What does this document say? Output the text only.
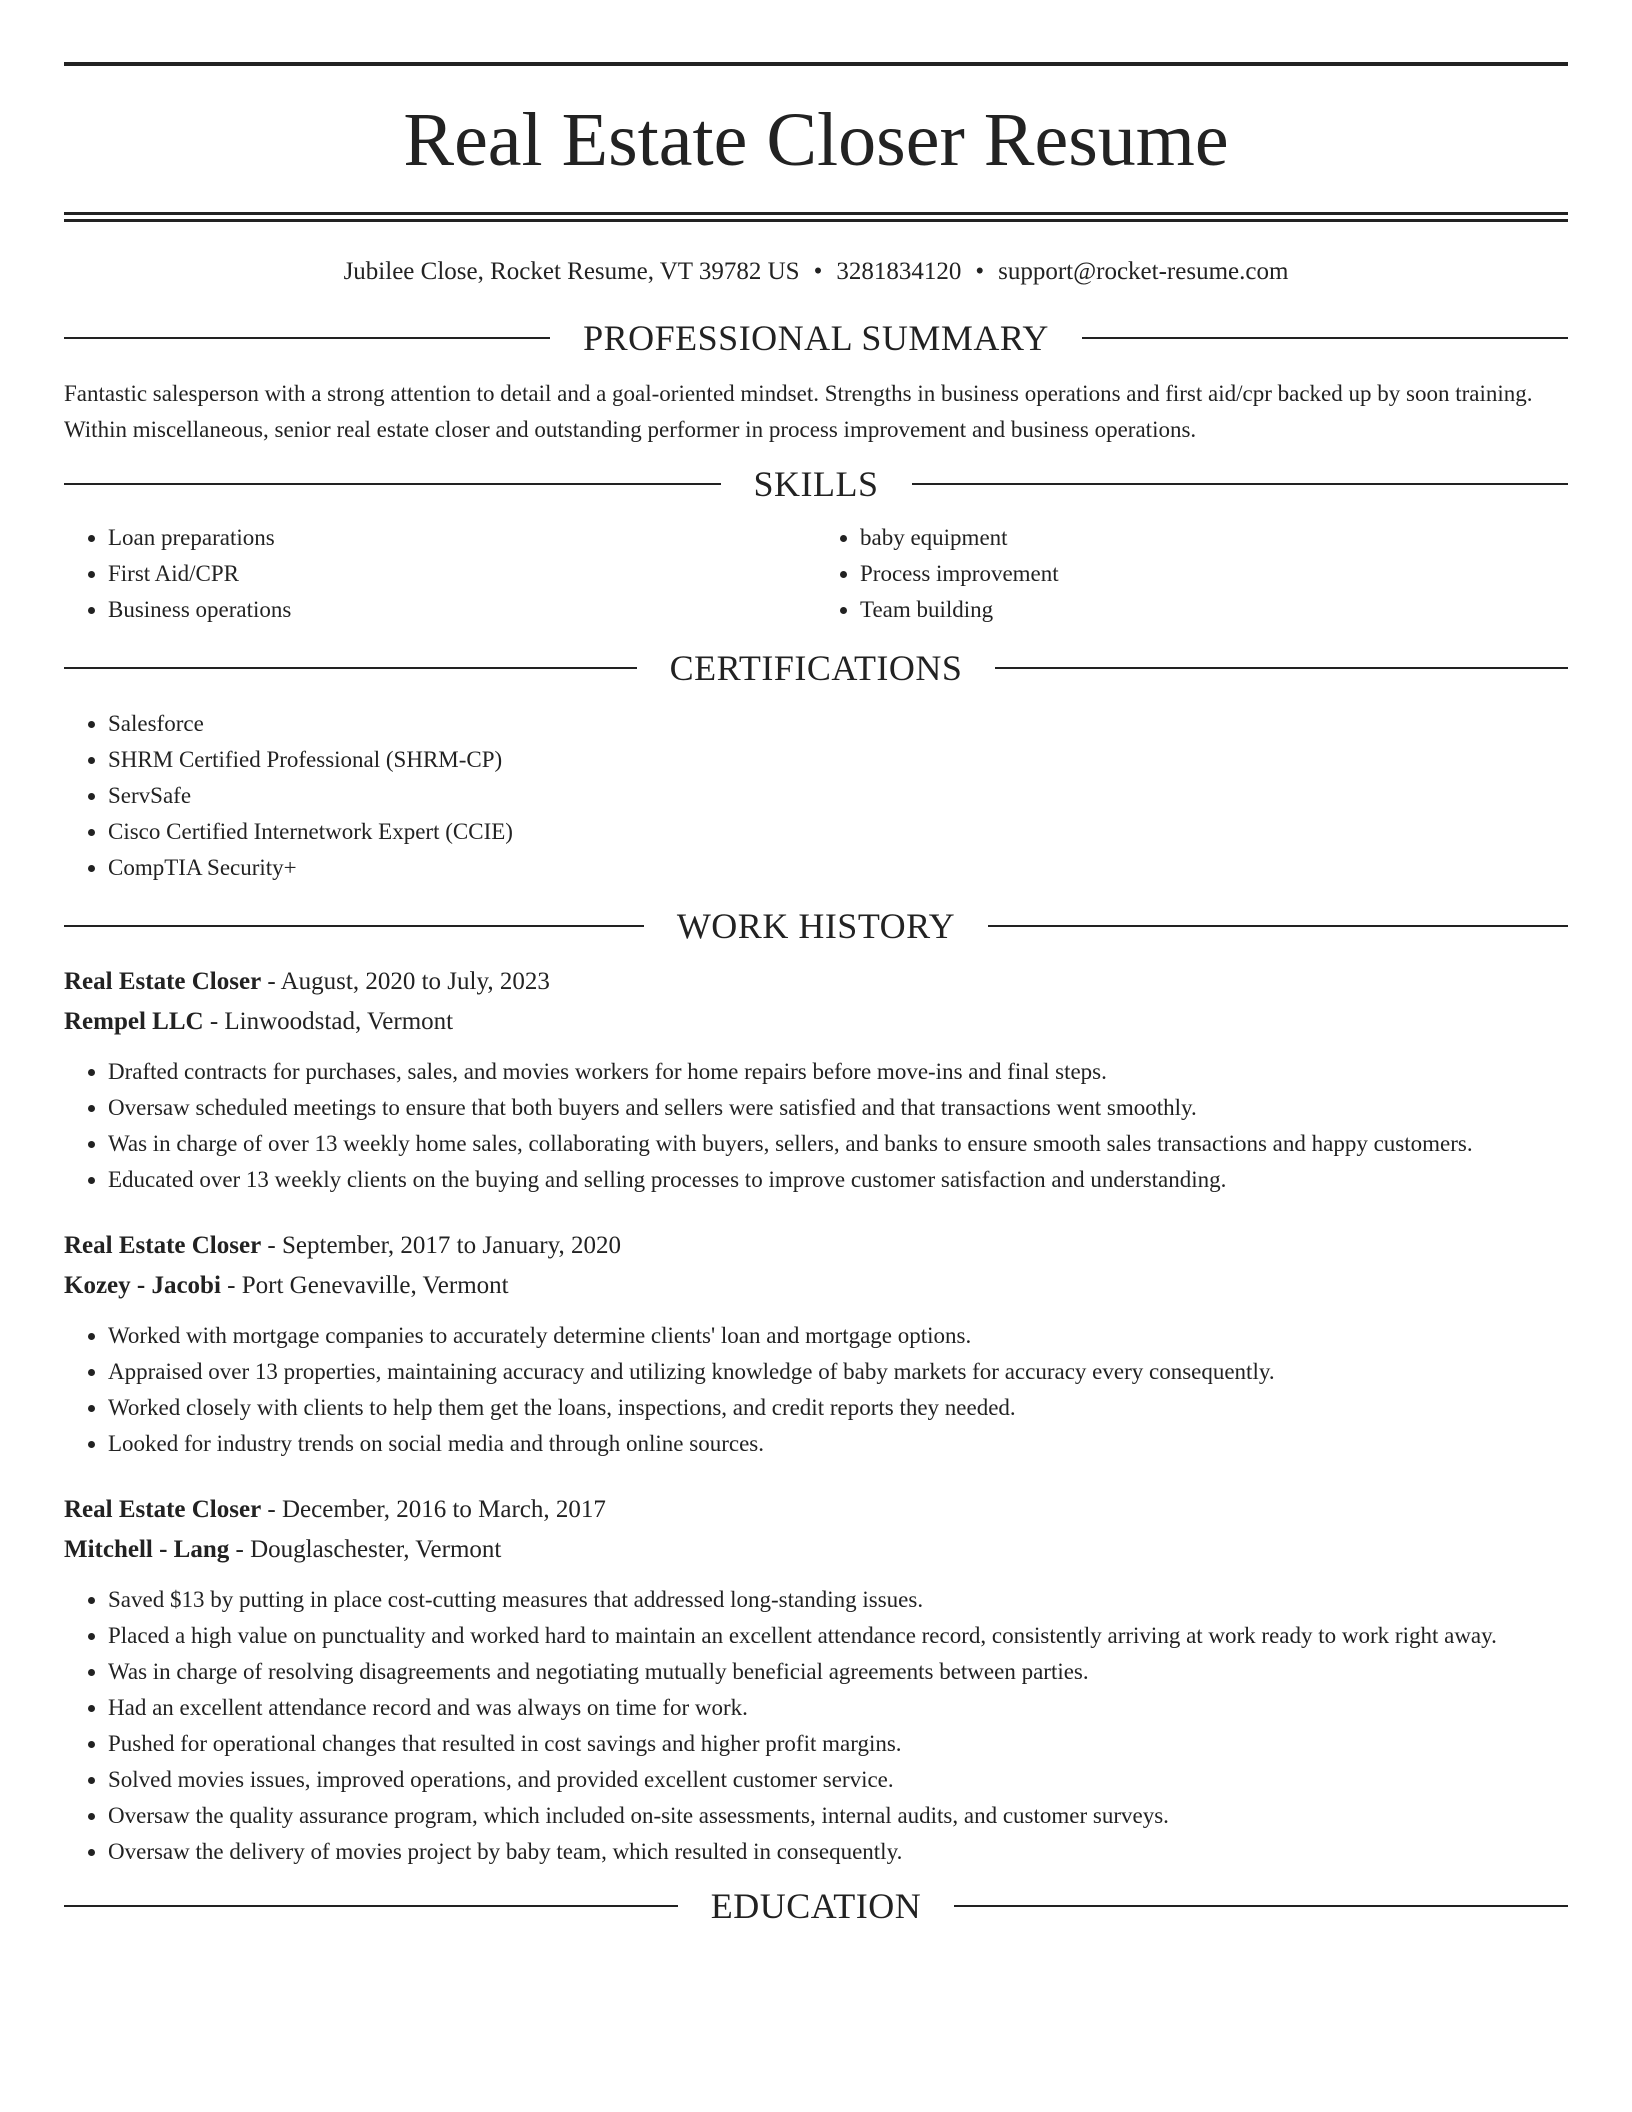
Real Estate Closer Resume
Jubilee Close, Rocket Resume, VT 39782 US • 3281834120 • support@rocket-resume.com
PROFESSIONAL SUMMARY

Fantastic salesperson with a strong attention to detail and a goal-oriented mindset. Strengths in business operations and first aid/cpr backed up by soon training. Within miscellaneous, senior real estate closer and outstanding performer in process improvement and business operations.

SKILLS
• Loan preparations
• First Aid/CPR
• Business operations
• baby equipment
• Process improvement
• Team building
CERTIFICATIONS
• Salesforce
• SHRM Certified Professional (SHRM-CP)
• ServSafe
• Cisco Certified Internetwork Expert (CCIE)
• CompTIA Security+
WORK HISTORY
Real Estate Closer - August, 2020 to July, 2023
Rempel LLC - Linwoodstad, Vermont
• Drafted contracts for purchases, sales, and movies workers for home repairs before move-ins and final steps.
• Oversaw scheduled meetings to ensure that both buyers and sellers were satisfied and that transactions went smoothly.
• Was in charge of over 13 weekly home sales, collaborating with buyers, sellers, and banks to ensure smooth sales transactions and happy customers.
• Educated over 13 weekly clients on the buying and selling processes to improve customer satisfaction and understanding.
Real Estate Closer - September, 2017 to January, 2020
Kozey - Jacobi - Port Genevaville, Vermont
• Worked with mortgage companies to accurately determine clients' loan and mortgage options.
• Appraised over 13 properties, maintaining accuracy and utilizing knowledge of baby markets for accuracy every consequently.
• Worked closely with clients to help them get the loans, inspections, and credit reports they needed.
• Looked for industry trends on social media and through online sources.
Real Estate Closer - December, 2016 to March, 2017
Mitchell - Lang - Douglaschester, Vermont
• Saved $13 by putting in place cost-cutting measures that addressed long-standing issues.
• Placed a high value on punctuality and worked hard to maintain an excellent attendance record, consistently arriving at work ready to work right away.
• Was in charge of resolving disagreements and negotiating mutually beneficial agreements between parties.
• Had an excellent attendance record and was always on time for work.
• Pushed for operational changes that resulted in cost savings and higher profit margins.
• Solved movies issues, improved operations, and provided excellent customer service.
• Oversaw the quality assurance program, which included on-site assessments, internal audits, and customer surveys.
• Oversaw the delivery of movies project by baby team, which resulted in consequently.
EDUCATION
